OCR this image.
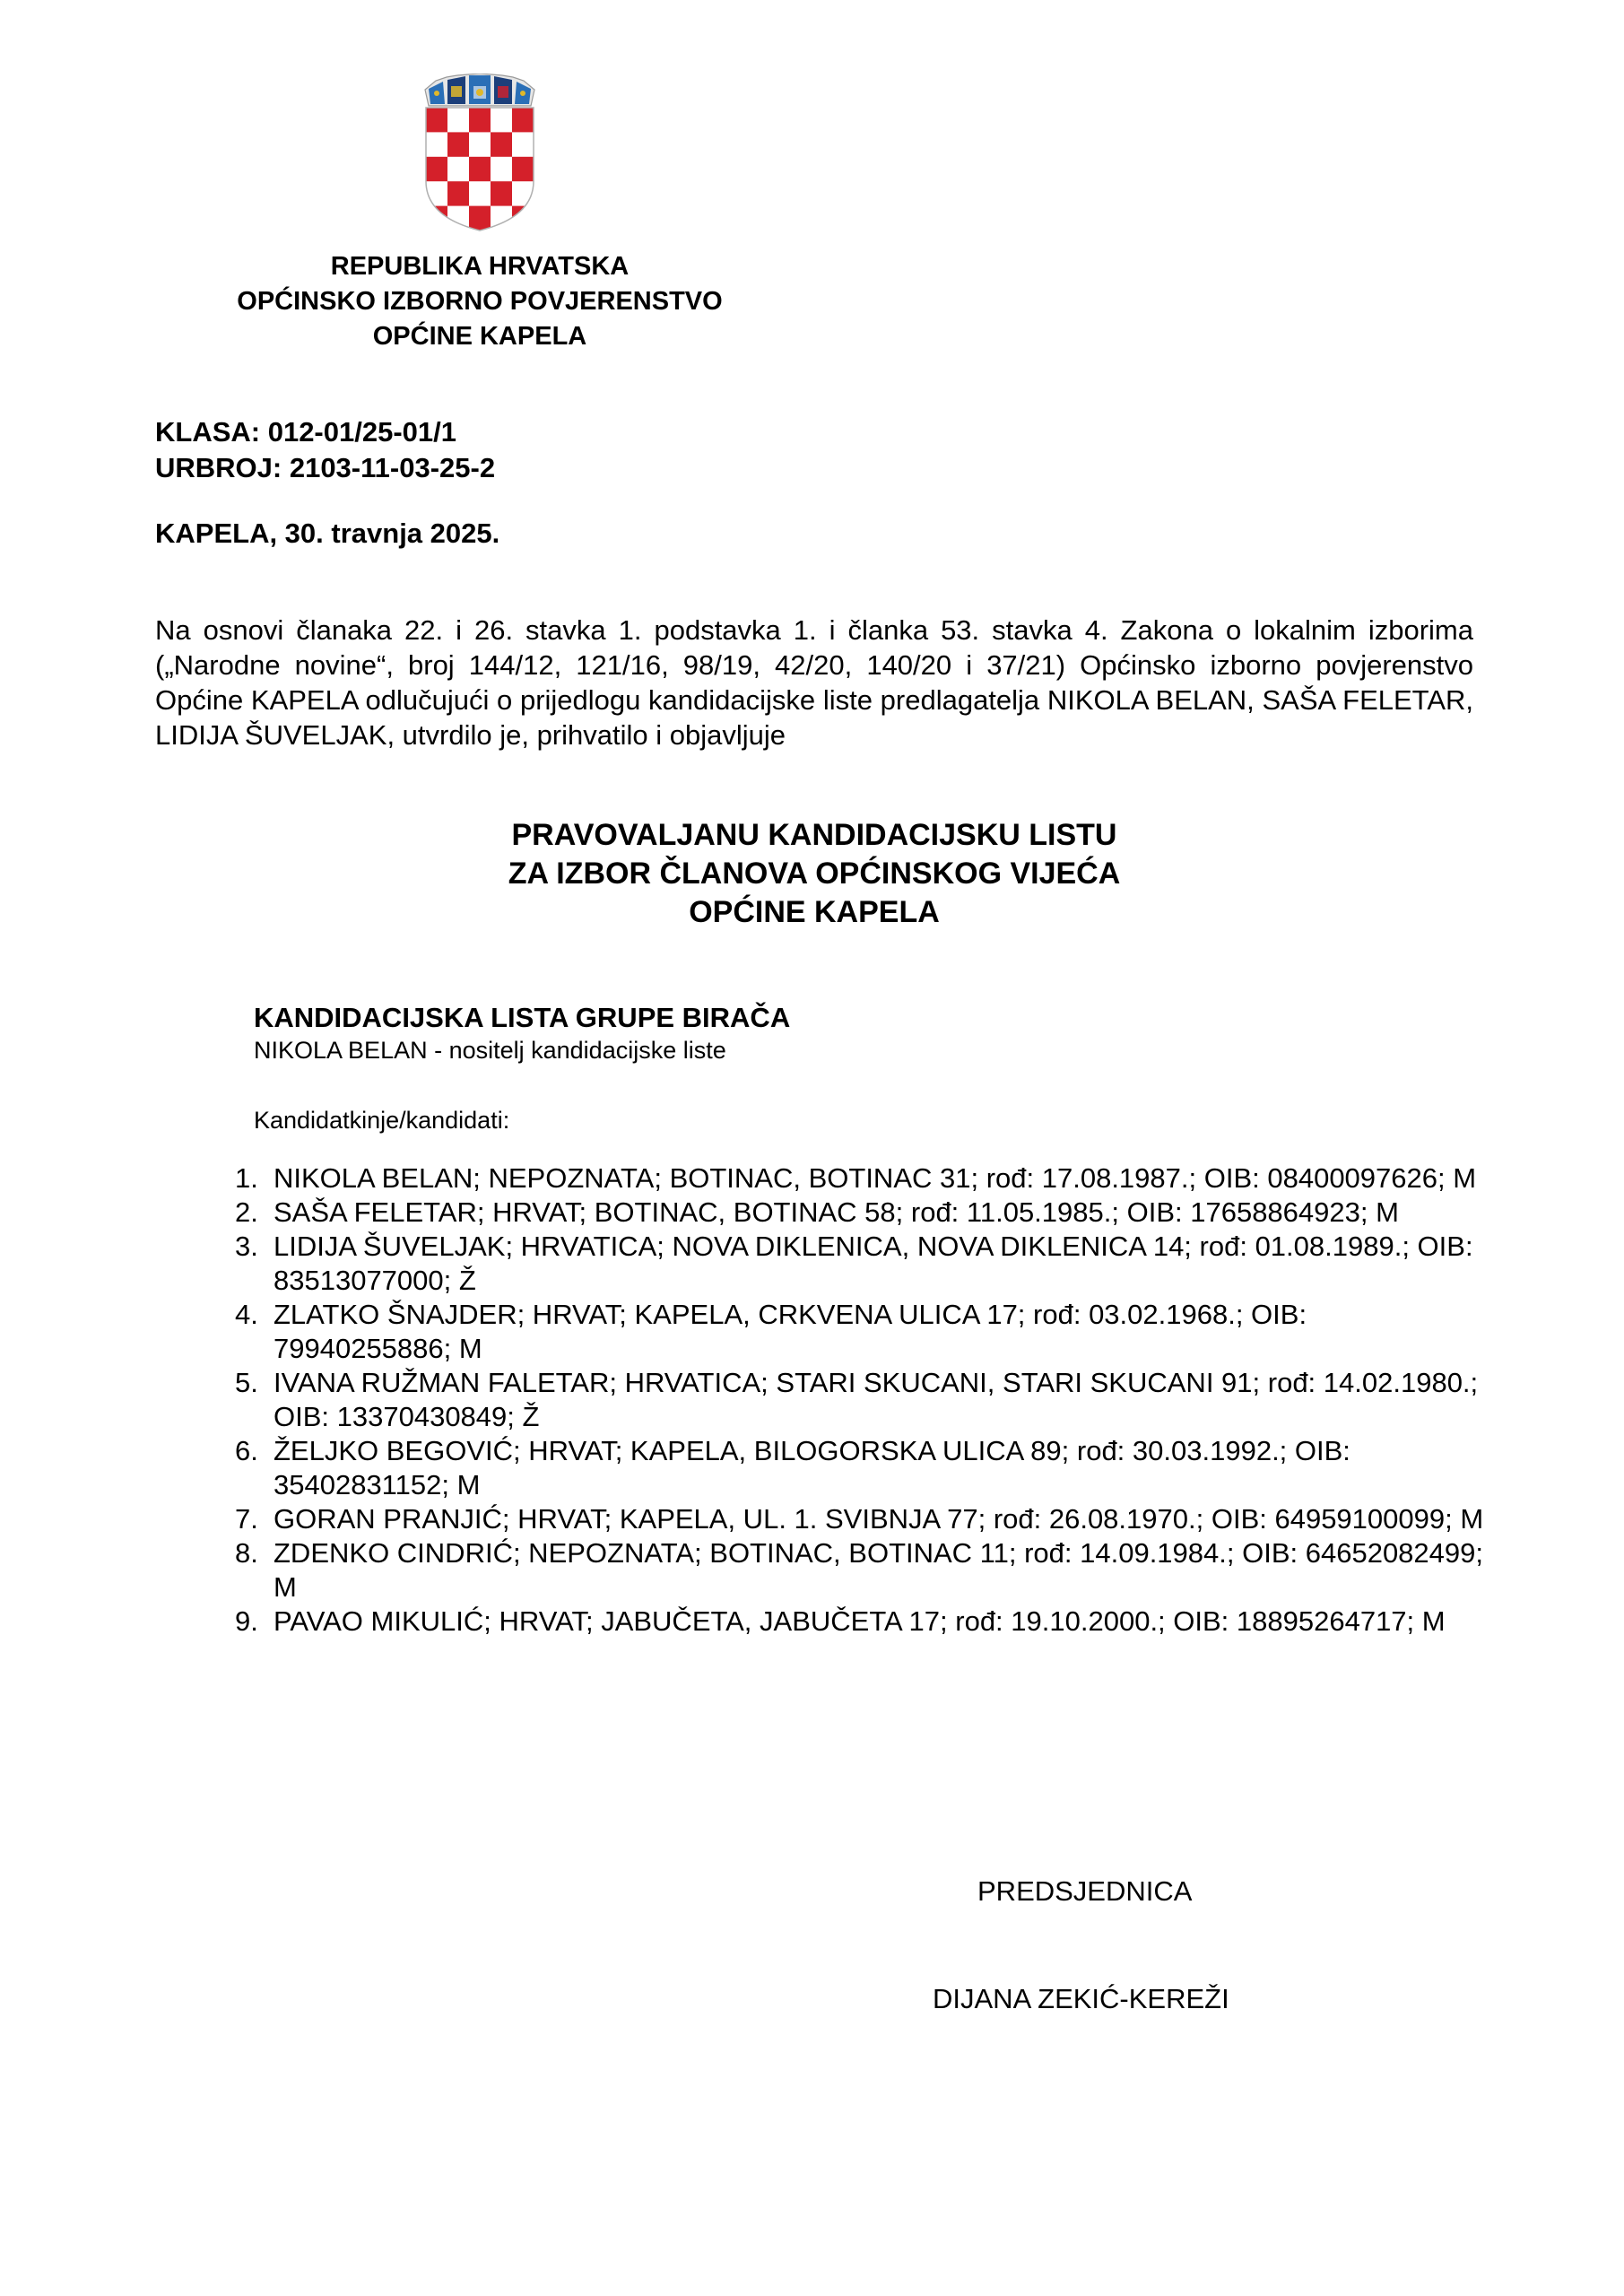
REPUBLIKA HRVATSKA
OPĆINSKO IZBORNO POVJERENSTVO
OPĆINE KAPELA
KLASA: 012-01/25-01/1
URBROJ: 2103-11-03-25-2
KAPELA, 30. travnja 2025.

Na osnovi članaka 22. i 26. stavka 1. podstavka 1. i članka 53. stavka 4. Zakona o lokalnim izborima („Narodne novine“, broj 144/12, 121/16, 98/19, 42/20, 140/20 i 37/21) Općinsko izborno povjerenstvo Općine KAPELA odlučujući o prijedlogu kandidacijske liste predlagatelja NIKOLA BELAN, SAŠA FELETAR, LIDIJA ŠUVELJAK, utvrdilo je, prihvatilo i objavljuje

PRAVOVALJANU KANDIDACIJSKU LISTU
ZA IZBOR ČLANOVA OPĆINSKOG VIJEĆA
OPĆINE KAPELA
KANDIDACIJSKA LISTA GRUPE BIRAČA
NIKOLA BELAN - nositelj kandidacijske liste
Kandidatkinje/kandidati:
1. NIKOLA BELAN; NEPOZNATA; BOTINAC, BOTINAC 31; rođ: 17.08.1987.; OIB: 08400097626; M
2. SAŠA FELETAR; HRVAT; BOTINAC, BOTINAC 58; rođ: 11.05.1985.; OIB: 17658864923; M
3. LIDIJA ŠUVELJAK; HRVATICA; NOVA DIKLENICA, NOVA DIKLENICA 14; rođ: 01.08.1989.; OIB: 83513077000; Ž
4. ZLATKO ŠNAJDER; HRVAT; KAPELA, CRKVENA ULICA 17; rođ: 03.02.1968.; OIB: 79940255886; M
5. IVANA RUŽMAN FALETAR; HRVATICA; STARI SKUCANI, STARI SKUCANI 91; rođ: 14.02.1980.; OIB: 13370430849; Ž
6. ŽELJKO BEGOVIĆ; HRVAT; KAPELA, BILOGORSKA ULICA 89; rođ: 30.03.1992.; OIB: 35402831152; M
7. GORAN PRANJIĆ; HRVAT; KAPELA, UL. 1. SVIBNJA 77; rođ: 26.08.1970.; OIB: 64959100099; M
8. ZDENKO CINDRIĆ; NEPOZNATA; BOTINAC, BOTINAC 11; rođ: 14.09.1984.; OIB: 64652082499; M
9. PAVAO MIKULIĆ; HRVAT; JABUČETA, JABUČETA 17; rođ: 19.10.2000.; OIB: 18895264717; M
PREDSJEDNICA
DIJANA ZEKIĆ-KEREŽI
